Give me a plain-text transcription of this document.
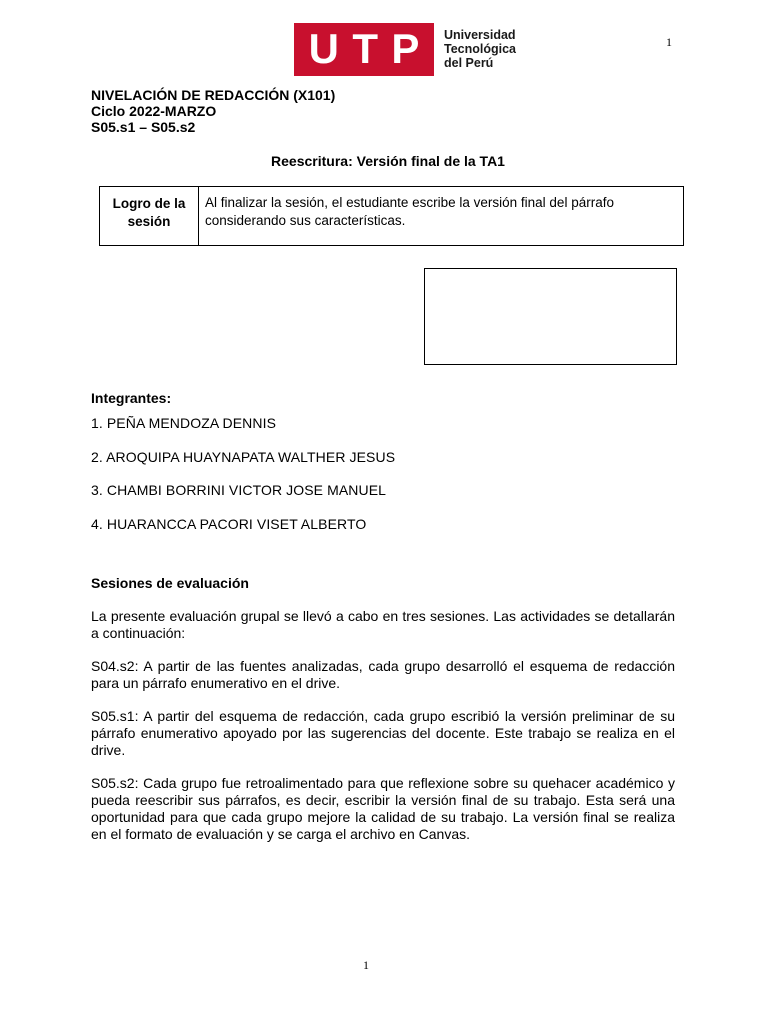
U T P Universidad
Tecnológica
del Perú
1
NIVELACIÓN DE REDACCIÓN (X101)
Ciclo 2022-MARZO
S05.s1 – S05.s2
Reescritura: Versión final de la TA1
Logro de la
sesión
Al finalizar la sesión, el estudiante escribe la versión final del párrafo considerando sus características.
Integrantes:
1. PEÑA MENDOZA DENNIS
2. AROQUIPA HUAYNAPATA WALTHER JESUS
3. CHAMBI BORRINI VICTOR JOSE MANUEL
4. HUARANCCA PACORI VISET ALBERTO
Sesiones de evaluación

La presente evaluación grupal se llevó a cabo en tres sesiones. Las actividades se detallarán a continuación:

S04.s2: A partir de las fuentes analizadas, cada grupo desarrolló el esquema de redacción para un párrafo enumerativo en el drive.

S05.s1: A partir del esquema de redacción, cada grupo escribió la versión preliminar de su párrafo enumerativo apoyado por las sugerencias del docente. Este trabajo se realiza en el drive.

S05.s2: Cada grupo fue retroalimentado para que reflexione sobre su quehacer académico y pueda reescribir sus párrafos, es decir, escribir la versión final de su trabajo. Esta será una oportunidad para que cada grupo mejore la calidad de su trabajo. La versión final se realiza en el formato de evaluación y se carga el archivo en Canvas.

1
